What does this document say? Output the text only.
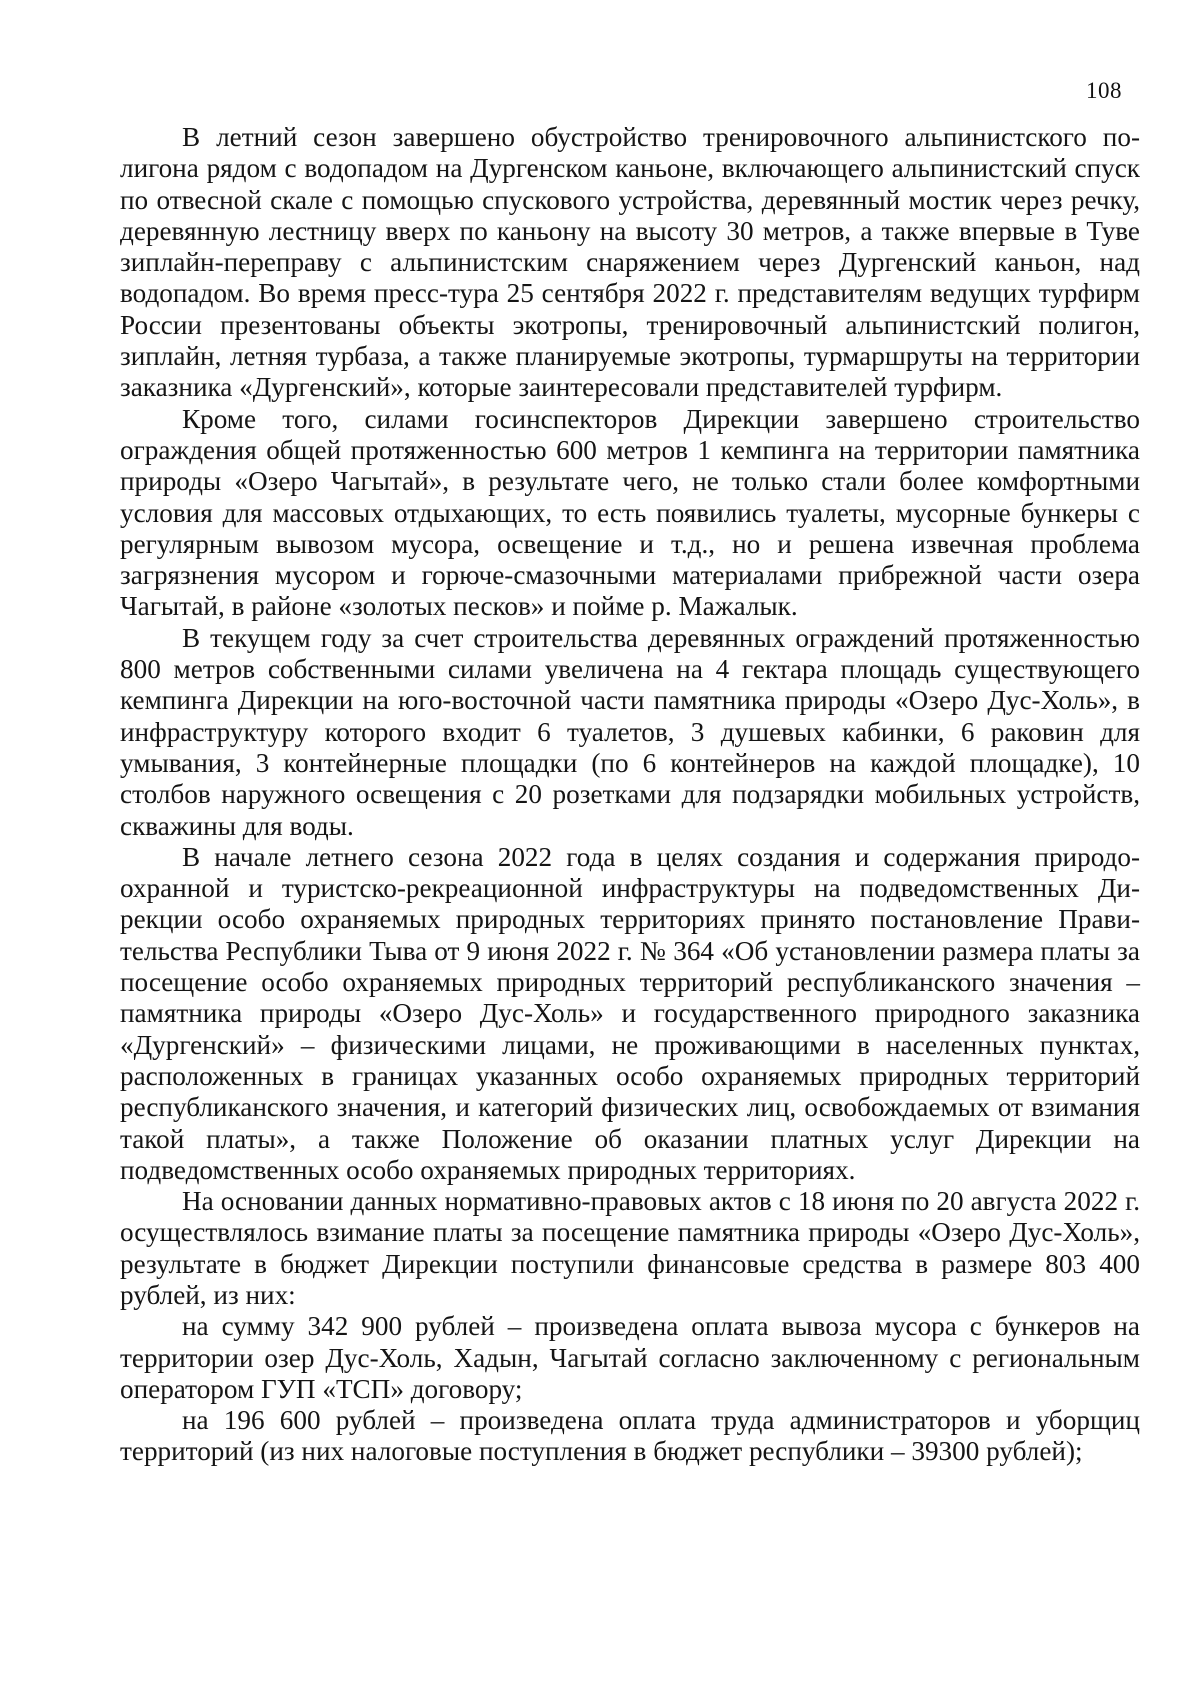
108

В летний сезон завершено обустройство тренировочного альпинистского полигона рядом с водопадом на Дургенском каньоне, включающего альпинистский спуск по отвесной скале с помощью спускового устройства, деревянный мостик через речку, деревянную лестницу вверх по каньону на высоту 30 метров, а также впервые в Туве зиплайн-переправу с альпинистским снаряжением через Дургенский каньон, над водопадом. Во время пресс-тура 25 сентября 2022 г. представителям ведущих турфирм России презентованы объекты экотропы, тренировочный альпинистский полигон, зиплайн, летняя турбаза, а также планируемые экотропы, турмаршруты на территории заказника «Дургенский», которые заинтересовали представителей турфирм.

Кроме того, силами госинспекторов Дирекции завершено строительство ограждения общей протяженностью 600 метров 1 кемпинга на территории памятника природы «Озеро Чагытай», в результате чего, не только стали более комфортными условия для массовых отдыхающих, то есть появились туалеты, мусорные бункеры с регулярным вывозом мусора, освещение и т.д., но и решена извечная проблема загрязнения мусором и горюче-смазочными материалами прибрежной части озера Чагытай, в районе «золотых песков» и пойме р. Мажалык.

В текущем году за счет строительства деревянных ограждений протяженностью 800 метров собственными силами увеличена на 4 гектара площадь существующего кемпинга Дирекции на юго-восточной части памятника природы «Озеро Дус-Холь», в инфраструктуру которого входит 6 туалетов, 3 душевых кабинки, 6 раковин для умывания, 3 контейнерные площадки (по 6 контейнеров на каждой площадке), 10 столбов наружного освещения с 20 розетками для подзарядки мобильных устройств, скважины для воды.

В начале летнего сезона 2022 года в целях создания и содержания природоохранной и туристско-рекреационной инфраструктуры на подведомственных Дирекции особо охраняемых природных территориях принято постановление Правительства Республики Тыва от 9 июня 2022 г. № 364 «Об установлении размера платы за посещение особо охраняемых природных территорий республиканского значения – памятника природы «Озеро Дус-Холь» и государственного природного заказника «Дургенский» – физическими лицами, не проживающими в населенных пунктах, расположенных в границах указанных особо охраняемых природных территорий республиканского значения, и категорий физических лиц, освобождаемых от взимания такой платы», а также Положение об оказании платных услуг Дирекции на подведомственных особо охраняемых природных территориях.

На основании данных нормативно-правовых актов с 18 июня по 20 августа 2022 г. осуществлялось взимание платы за посещение памятника природы «Озеро Дус-Холь», результате в бюджет Дирекции поступили финансовые средства в размере 803 400 рублей, из них:

на сумму 342 900 рублей – произведена оплата вывоза мусора с бункеров на территории озер Дус-Холь, Хадын, Чагытай согласно заключенному с региональным оператором ГУП «ТСП» договору;

на 196 600 рублей – произведена оплата труда администраторов и уборщиц территорий (из них налоговые поступления в бюджет республики – 39300 рублей);
